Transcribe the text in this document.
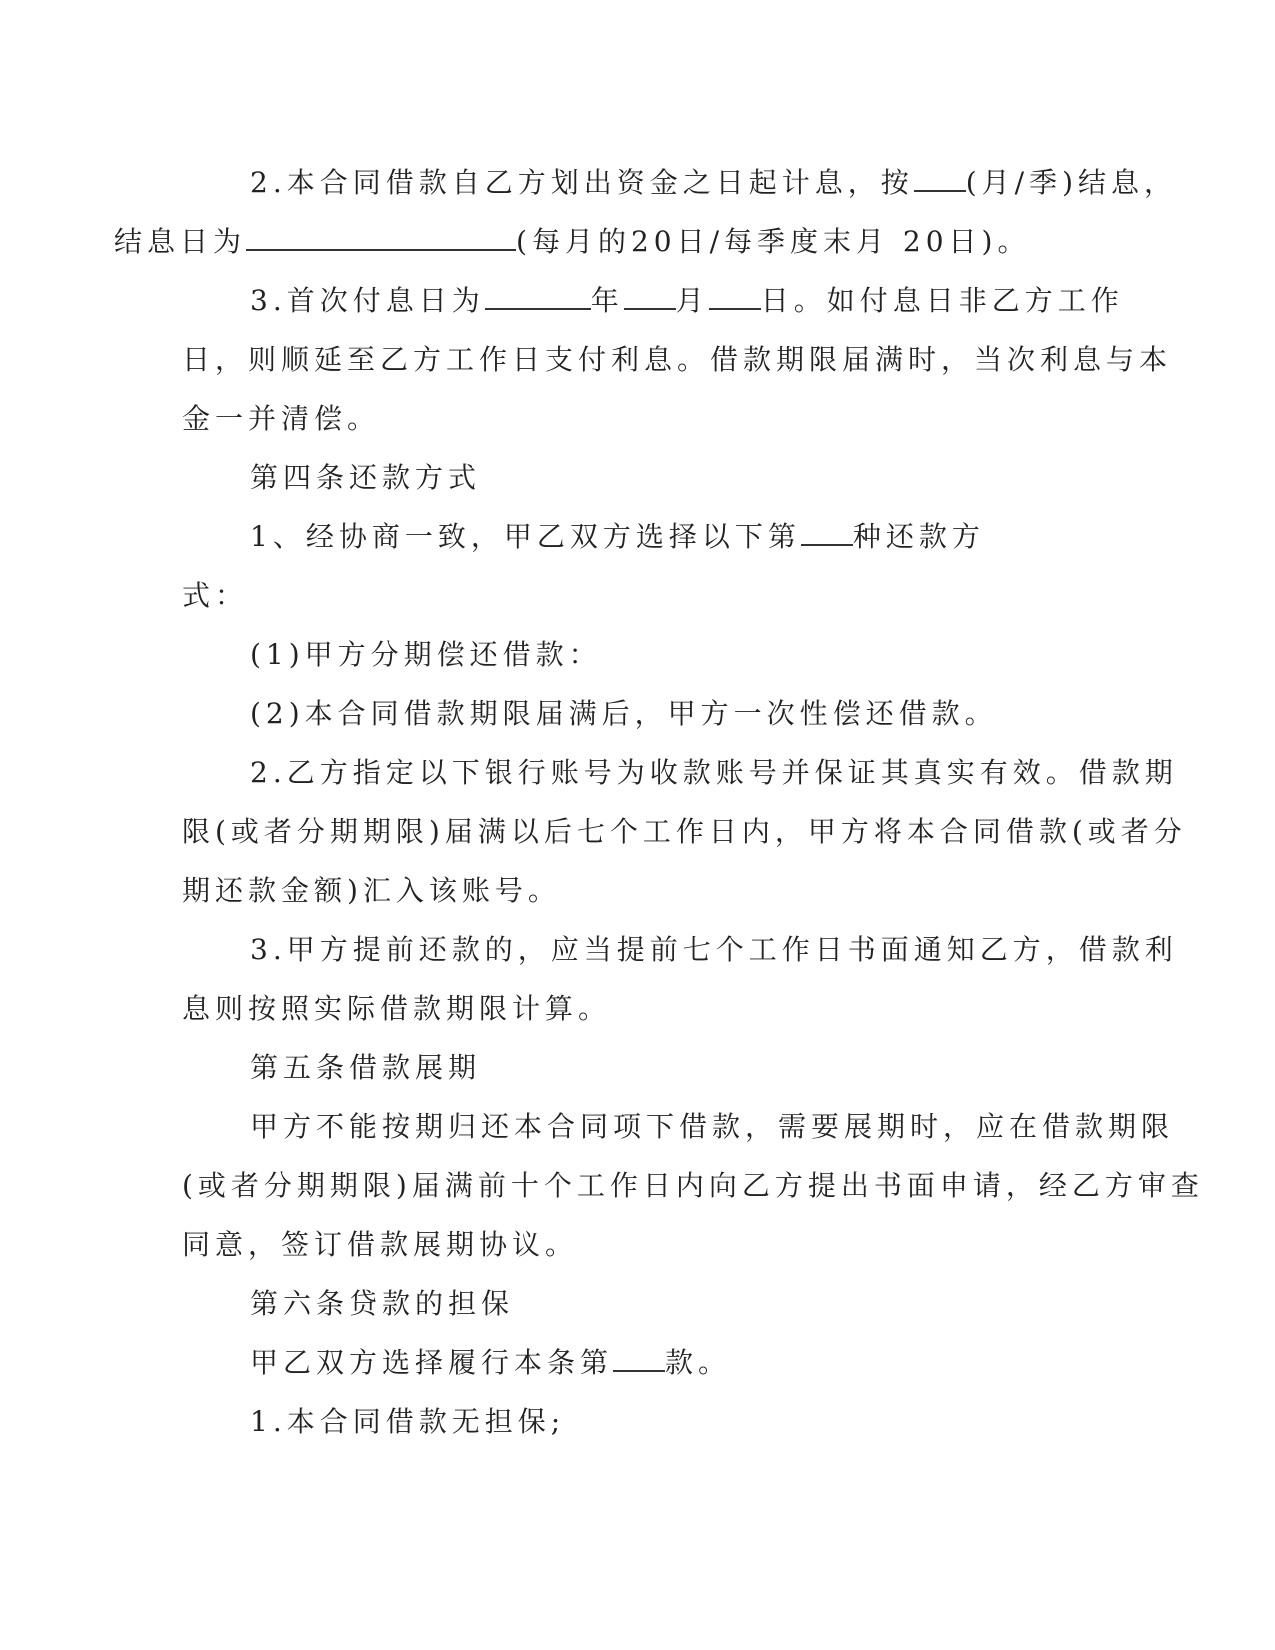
2.本合同借款自乙方划出资金之日起计息，按 (月/季)结息，
结息日为	(每月的20日/每季度末月 20日)。

3.首次付息日为	年 月 日。如付息日非乙方工作
日，则顺延至乙方工作日支付利息。借款期限届满时，当次利息与本
金一并清偿。

第四条还款方式

1、经协商一致，甲乙双方选择以下第 种还款方式：

(1)甲方分期偿还借款：

(2)本合同借款期限届满后，甲方一次性偿还借款。

2.乙方指定以下银行账号为收款账号并保证其真实有效。借款期
限(或者分期期限)届满以后七个工作日内，甲方将本合同借款(或者分
期还款金额)汇入该账号。

3.甲方提前还款的，应当提前七个工作日书面通知乙方，借款利
息则按照实际借款期限计算。

第五条借款展期

甲方不能按期归还本合同项下借款，需要展期时，应在借款期限
(或者分期期限)届满前十个工作日内向乙方提出书面申请，经乙方审查
同意，签订借款展期协议。

第六条贷款的担保

甲乙双方选择履行本条第 款。

1.本合同借款无担保;
